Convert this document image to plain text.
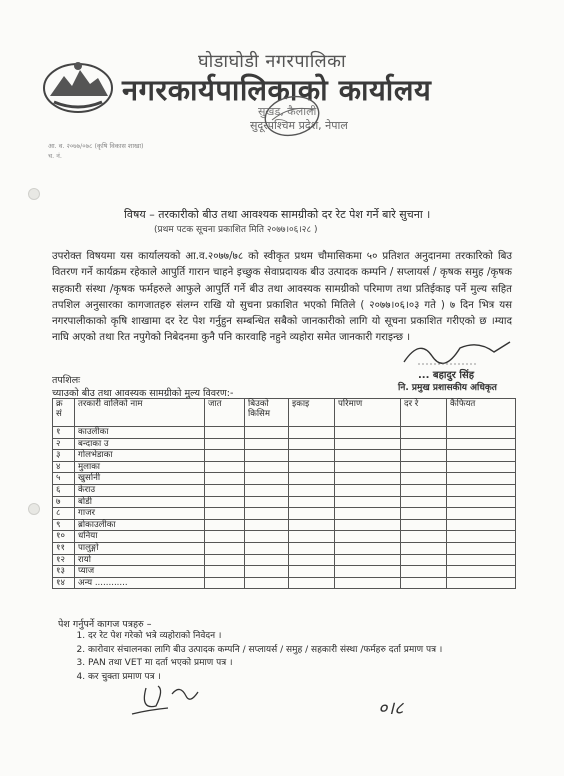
घोडाघोडी नगरपालिका
नगरकार्यपालिकाको कार्यालय
सुखड, कैलाली
सुदूरपश्चिम प्रदेश, नेपाल
आ. व. २०७७/०७८ (कृषि विकास शाखा)
च. नं.
विषय – तरकारीको बीउ तथा आवश्यक सामग्रीको दर रेट पेश गर्ने बारे सुचना ।
(प्रथम पटक सूचना प्रकाशित मिति २०७७।०६।२८ )
उपरोक्त विषयमा यस कार्यालयको आ.व.२०७७/७८ को स्वीकृत प्रथम चौमासिकमा ५० प्रतिशत अनुदानमा तरकारिको बिउ वितरण गर्ने कार्यक्रम रहेकाले आपुर्ति गारान चाहने इच्छुक सेवाप्रदायक बीउ उत्पादक कम्पनि / सप्लायर्स / कृषक समुह /कृषक सहकारी संस्था /कृषक फर्महरुले आफुले आपुर्ति गर्ने बीउ तथा आवस्यक सामग्रीको परिमाण तथा प्रतिईकाइ पर्ने मुल्य सहित तपशिल अनुसारका कागजातहरु संलग्न राखि यो सुचना प्रकाशित भएको मितिले ( २०७७।०६।०३ गते ) ७ दिन भित्र यस नगरपालीकाको कृषि शाखामा दर रेट पेश गर्नुहुन सम्बन्धित सबैको जानकारीको लागि यो सूचना प्रकाशित गरीएको छ ।म्याद नाघि अएको तथा रित नपुगेको निबेदनमा कुनै पनि कारवाहि नहुने व्यहोरा समेत जानकारी गराइन्छ ।
... बहादुर सिंह
नि. प्रमुख प्रशासकीय अधिकृत
तपशिलः
च्याउको बीउ तथा आवस्यक सामग्रीको मुल्य विवरण:-
क्र सं	तरकारी वालिको नाम	जात	बिउको किसिम	इकाइ	परिमाण	दर रे	कैफियत
१	काउलीका						
२	बन्दाका उ						
३	गोलभेडाका						
४	मुलाका						
५	खुर्सानी						
६	केराउ						
७	बोडी						
८	गाजर						
९	ब्रोकाउलीका						
१०	धनिया						
११	पालुङ्गो						
१२	रायो						
१३	प्याज						
१४	अन्य ............						
पेश गर्नुपर्ने कागज पत्रहरु –
1. दर रेट पेश गरेको भत्रे व्यहोराको निवेदन ।
2. कारोवार संचालनका लागि बीउ उत्पादक कम्पनि / सप्लायर्स / समुह / सहकारी संस्था /फर्महरु दर्ता प्रमाण पत्र ।
3. PAN तथा VET मा दर्ता भएको प्रमाण पत्र ।
4. कर चुक्ता प्रमाण पत्र ।
०।८
